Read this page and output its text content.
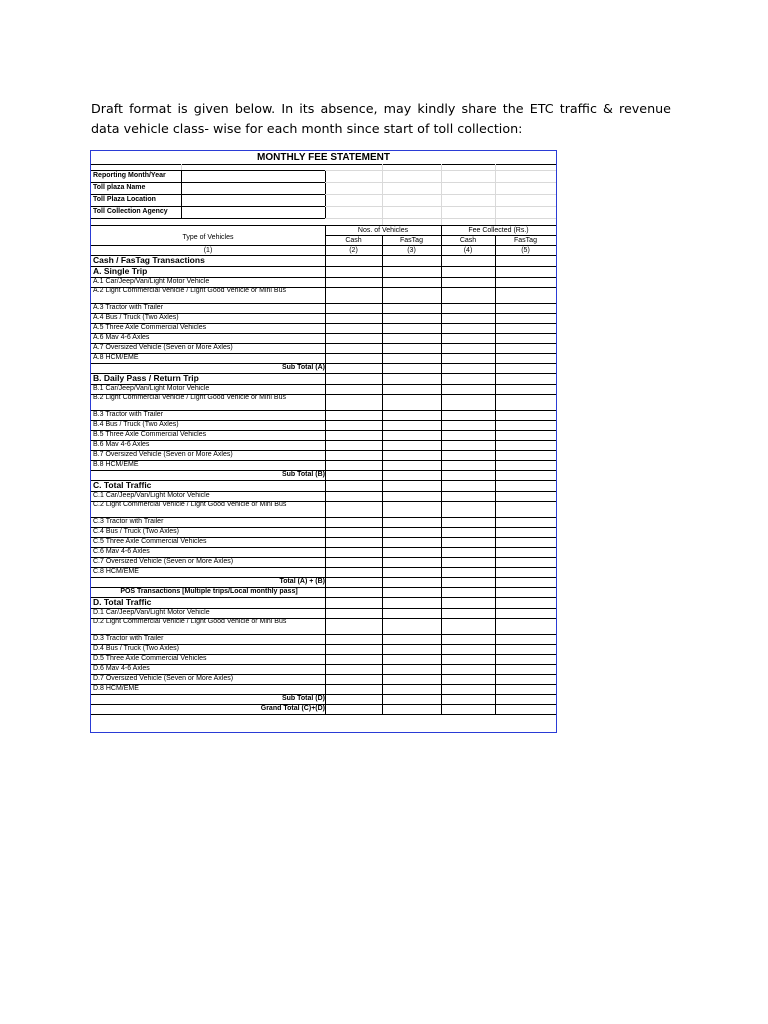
Draft format is given below. In its absence, may kindly share the ETC traffic & revenue data vehicle class- wise for each month since start of toll collection:

MONTHLY FEE STATEMENT
Reporting Month/Year
Toll plaza Name
Toll Plaza Location
Toll Collection Agency
Type of Vehicles
(1)
Nos. of Vehicles	Fee Collected (Rs.)
Cash
(2)
FasTag
(3)
Cash
(4)
FasTag
(5)
Cash / FasTag Transactions
A. Single Trip
A.1 Car/Jeep/Van/Light Motor Vehicle
A.2 Light Commercial Vehicle / Light Good Vehicle or Mini Bus
A.3 Tractor with Trailer
A.4 Bus / Truck (Two Axles)
A.5 Three Axle Commercial Vehicles
A.6 Mav 4-6 Axles
A.7 Oversized Vehicle (Seven or More Axles)
A.8 HCM/EME
Sub Total (A)
B. Daily Pass / Return Trip
B.1 Car/Jeep/Van/Light Motor Vehicle
B.2 Light Commercial Vehicle / Light Good Vehicle or Mini Bus
B.3 Tractor with Trailer
B.4 Bus / Truck (Two Axles)
B.5 Three Axle Commercial Vehicles
B.6 Mav 4-6 Axles
B.7 Oversized Vehicle (Seven or More Axles)
B.8 HCM/EME
Sub Total (B)
C. Total Traffic
C.1 Car/Jeep/Van/Light Motor Vehicle
C.2 Light Commercial Vehicle / Light Good Vehicle or Mini Bus
C.3 Tractor with Trailer
C.4 Bus / Truck (Two Axles)
C.5 Three Axle Commercial Vehicles
C.6 Mav 4-6 Axles
C.7 Oversized Vehicle (Seven or More Axles)
C.8 HCM/EME
Total (A) + (B)
POS Transactions [Multiple trips/Local monthly pass]
D. Total Traffic
D.1 Car/Jeep/Van/Light Motor Vehicle
D.2 Light Commercial Vehicle / Light Good Vehicle or Mini Bus
D.3 Tractor with Trailer
D.4 Bus / Truck (Two Axles)
D.5 Three Axle Commercial Vehicles
D.6 Mav 4-6 Axles
D.7 Oversized Vehicle (Seven or More Axles)
D.8 HCM/EME
Sub Total (D)
Grand Total (C)+(D)
